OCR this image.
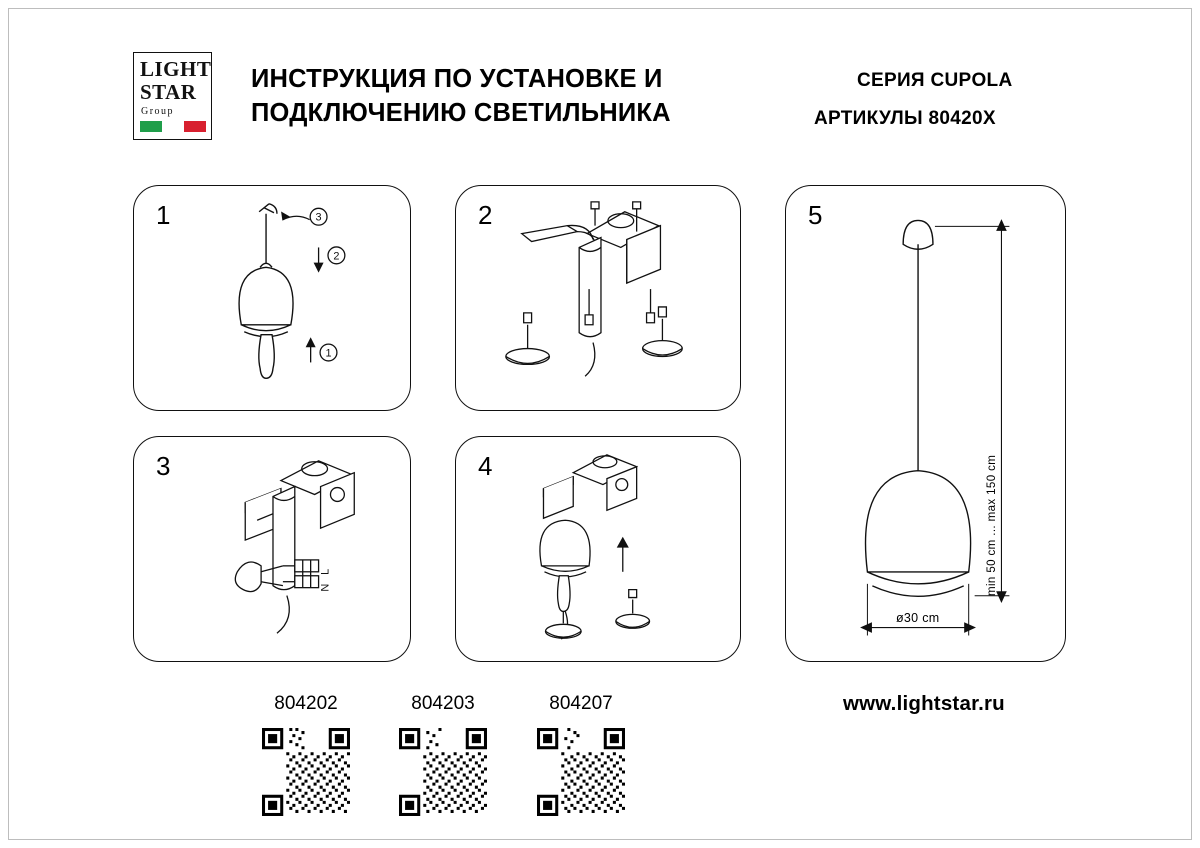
LIGHT
STAR
Group
ИНСТРУКЦИЯ ПО УСТАНОВКЕ И
ПОДКЛЮЧЕНИЮ СВЕТИЛЬНИКА
СЕРИЯ CUPOLA
АРТИКУЛЫ 80420X
1	3
2
1
2
3
L
N
4
5
min 50 cm ... max 150 cm
ø30 cm
804202	804203	804207	www.lightstar.ru
